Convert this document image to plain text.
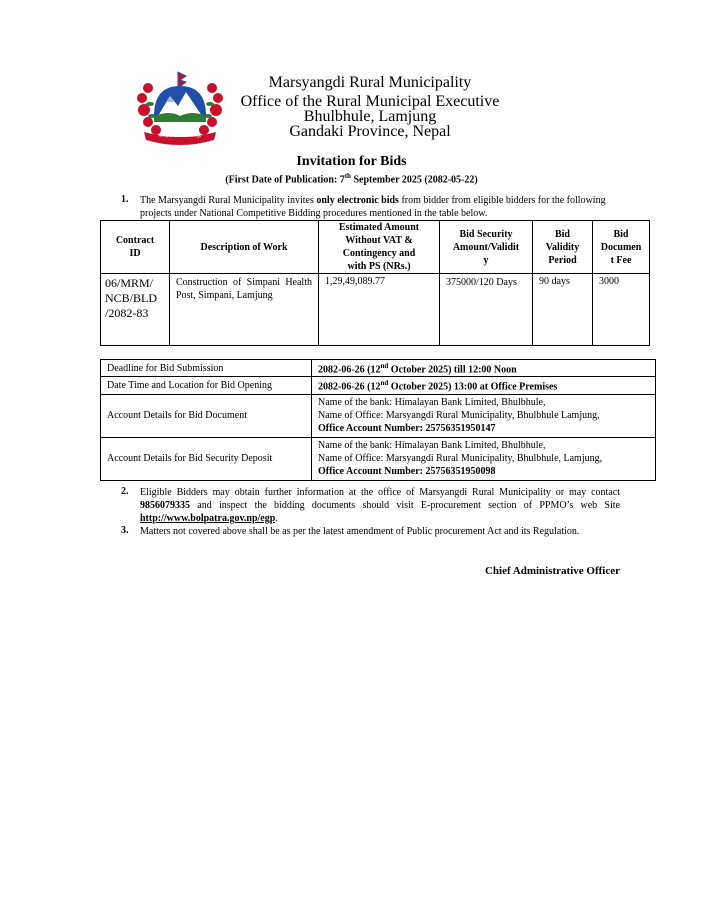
मर्स्याङ्दी गाउँपालिका लमजुङ
Marsyangdi Rural Municipality
Office of the Rural Municipal Executive
Bhulbhule, Lamjung
Gandaki Province, Nepal
Invitation for Bids
(First Date of Publication: 7th September 2025 (2082-05-22)
1. The Marsyangdi Rural Municipality invites only electronic bids from bidder from eligible bidders for the following projects under National Competitive Bidding procedures mentioned in the table below.
Contract
ID	Description of Work	Estimated Amount
Without VAT &
Contingency and
with PS (NRs.)	Bid Security
Amount/Validit
y	Bid
Validity
Period	Bid
Documen
t Fee
06/MRM/
NCB/BLD
/2082-83	Construction of Simpani Health Post, Simpani, Lamjung	1,29,49,089.77	375000/120 Days	90 days	3000
Deadline for Bid Submission	2082-06-26 (12nd October 2025) till 12:00 Noon
Date Time and Location for Bid Opening	2082-06-26 (12nd October 2025) 13:00 at Office Premises
Account Details for Bid Document	Name of the bank: Himalayan Bank Limited, Bhulbhule,
Name of Office: Marsyangdi Rural Municipality, Bhulbhule Lamjung,
Office Account Number: 25756351950147

Account Details for Bid Security Deposit	Name of the bank: Himalayan Bank Limited, Bhulbhule,
Name of Office: Marsyangdi Rural Municipality, Bhulbhule, Lamjung,
Office Account Number: 25756351950098
2. Eligible Bidders may obtain further information at the office of Marsyangdi Rural Municipality or may contact 9856079335 and inspect the bidding documents should visit E-procurement section of PPMO’s web Site http://www.bolpatra.gov.np/egp.
3. Matters not covered above shall be as per the latest amendment of Public procurement Act and its Regulation.
Chief Administrative Officer
